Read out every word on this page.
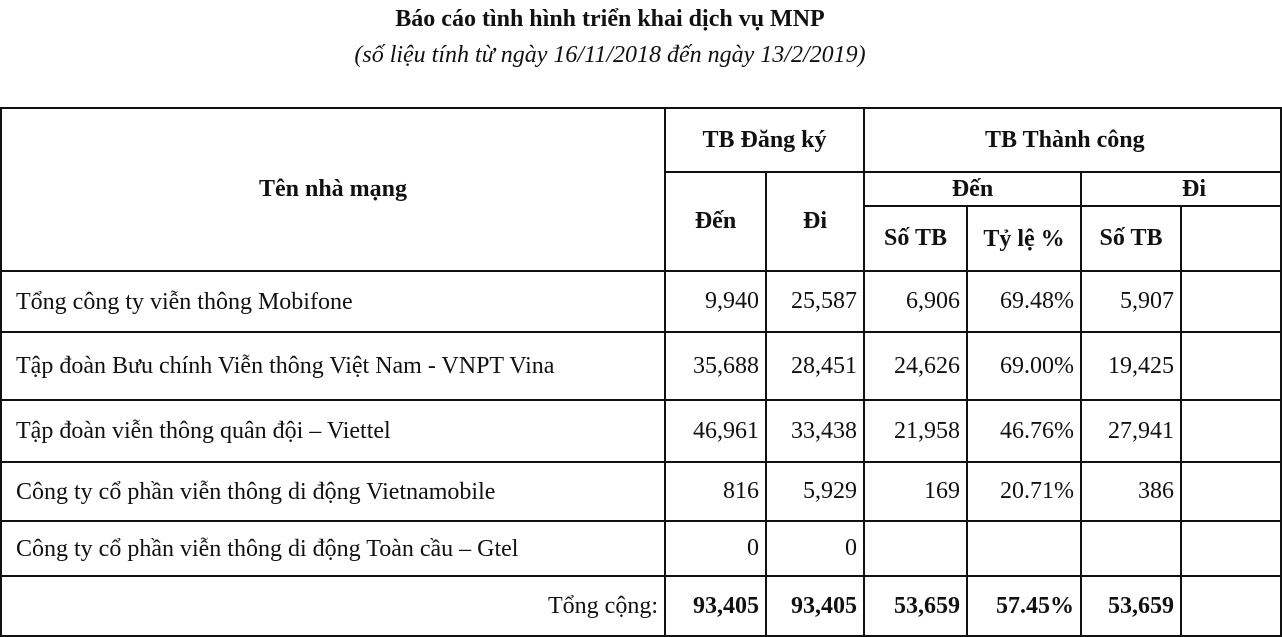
Báo cáo tình hình triển khai dịch vụ MNP
(số liệu tính từ ngày 16/11/2018 đến ngày 13/2/2019)
Tên nhà mạng	TB Đăng ký		TB Thành công			
	Đến	Đi	Đến		Đi	
			Số TB	Tỷ lệ %	Số TB	
Tổng công ty viễn thông Mobifone	9,940	25,587	6,906	69.48%	5,907	
Tập đoàn Bưu chính Viễn thông Việt Nam - VNPT Vina	35,688	28,451	24,626	69.00%	19,425	
Tập đoàn viễn thông quân đội – Viettel	46,961	33,438	21,958	46.76%	27,941	
Công ty cổ phần viễn thông di động Vietnamobile	816	5,929	169	20.71%	386	
Công ty cổ phần viễn thông di động Toàn cầu – Gtel	0	0				
Tổng cộng:	93,405	93,405	53,659	57.45%	53,659	
